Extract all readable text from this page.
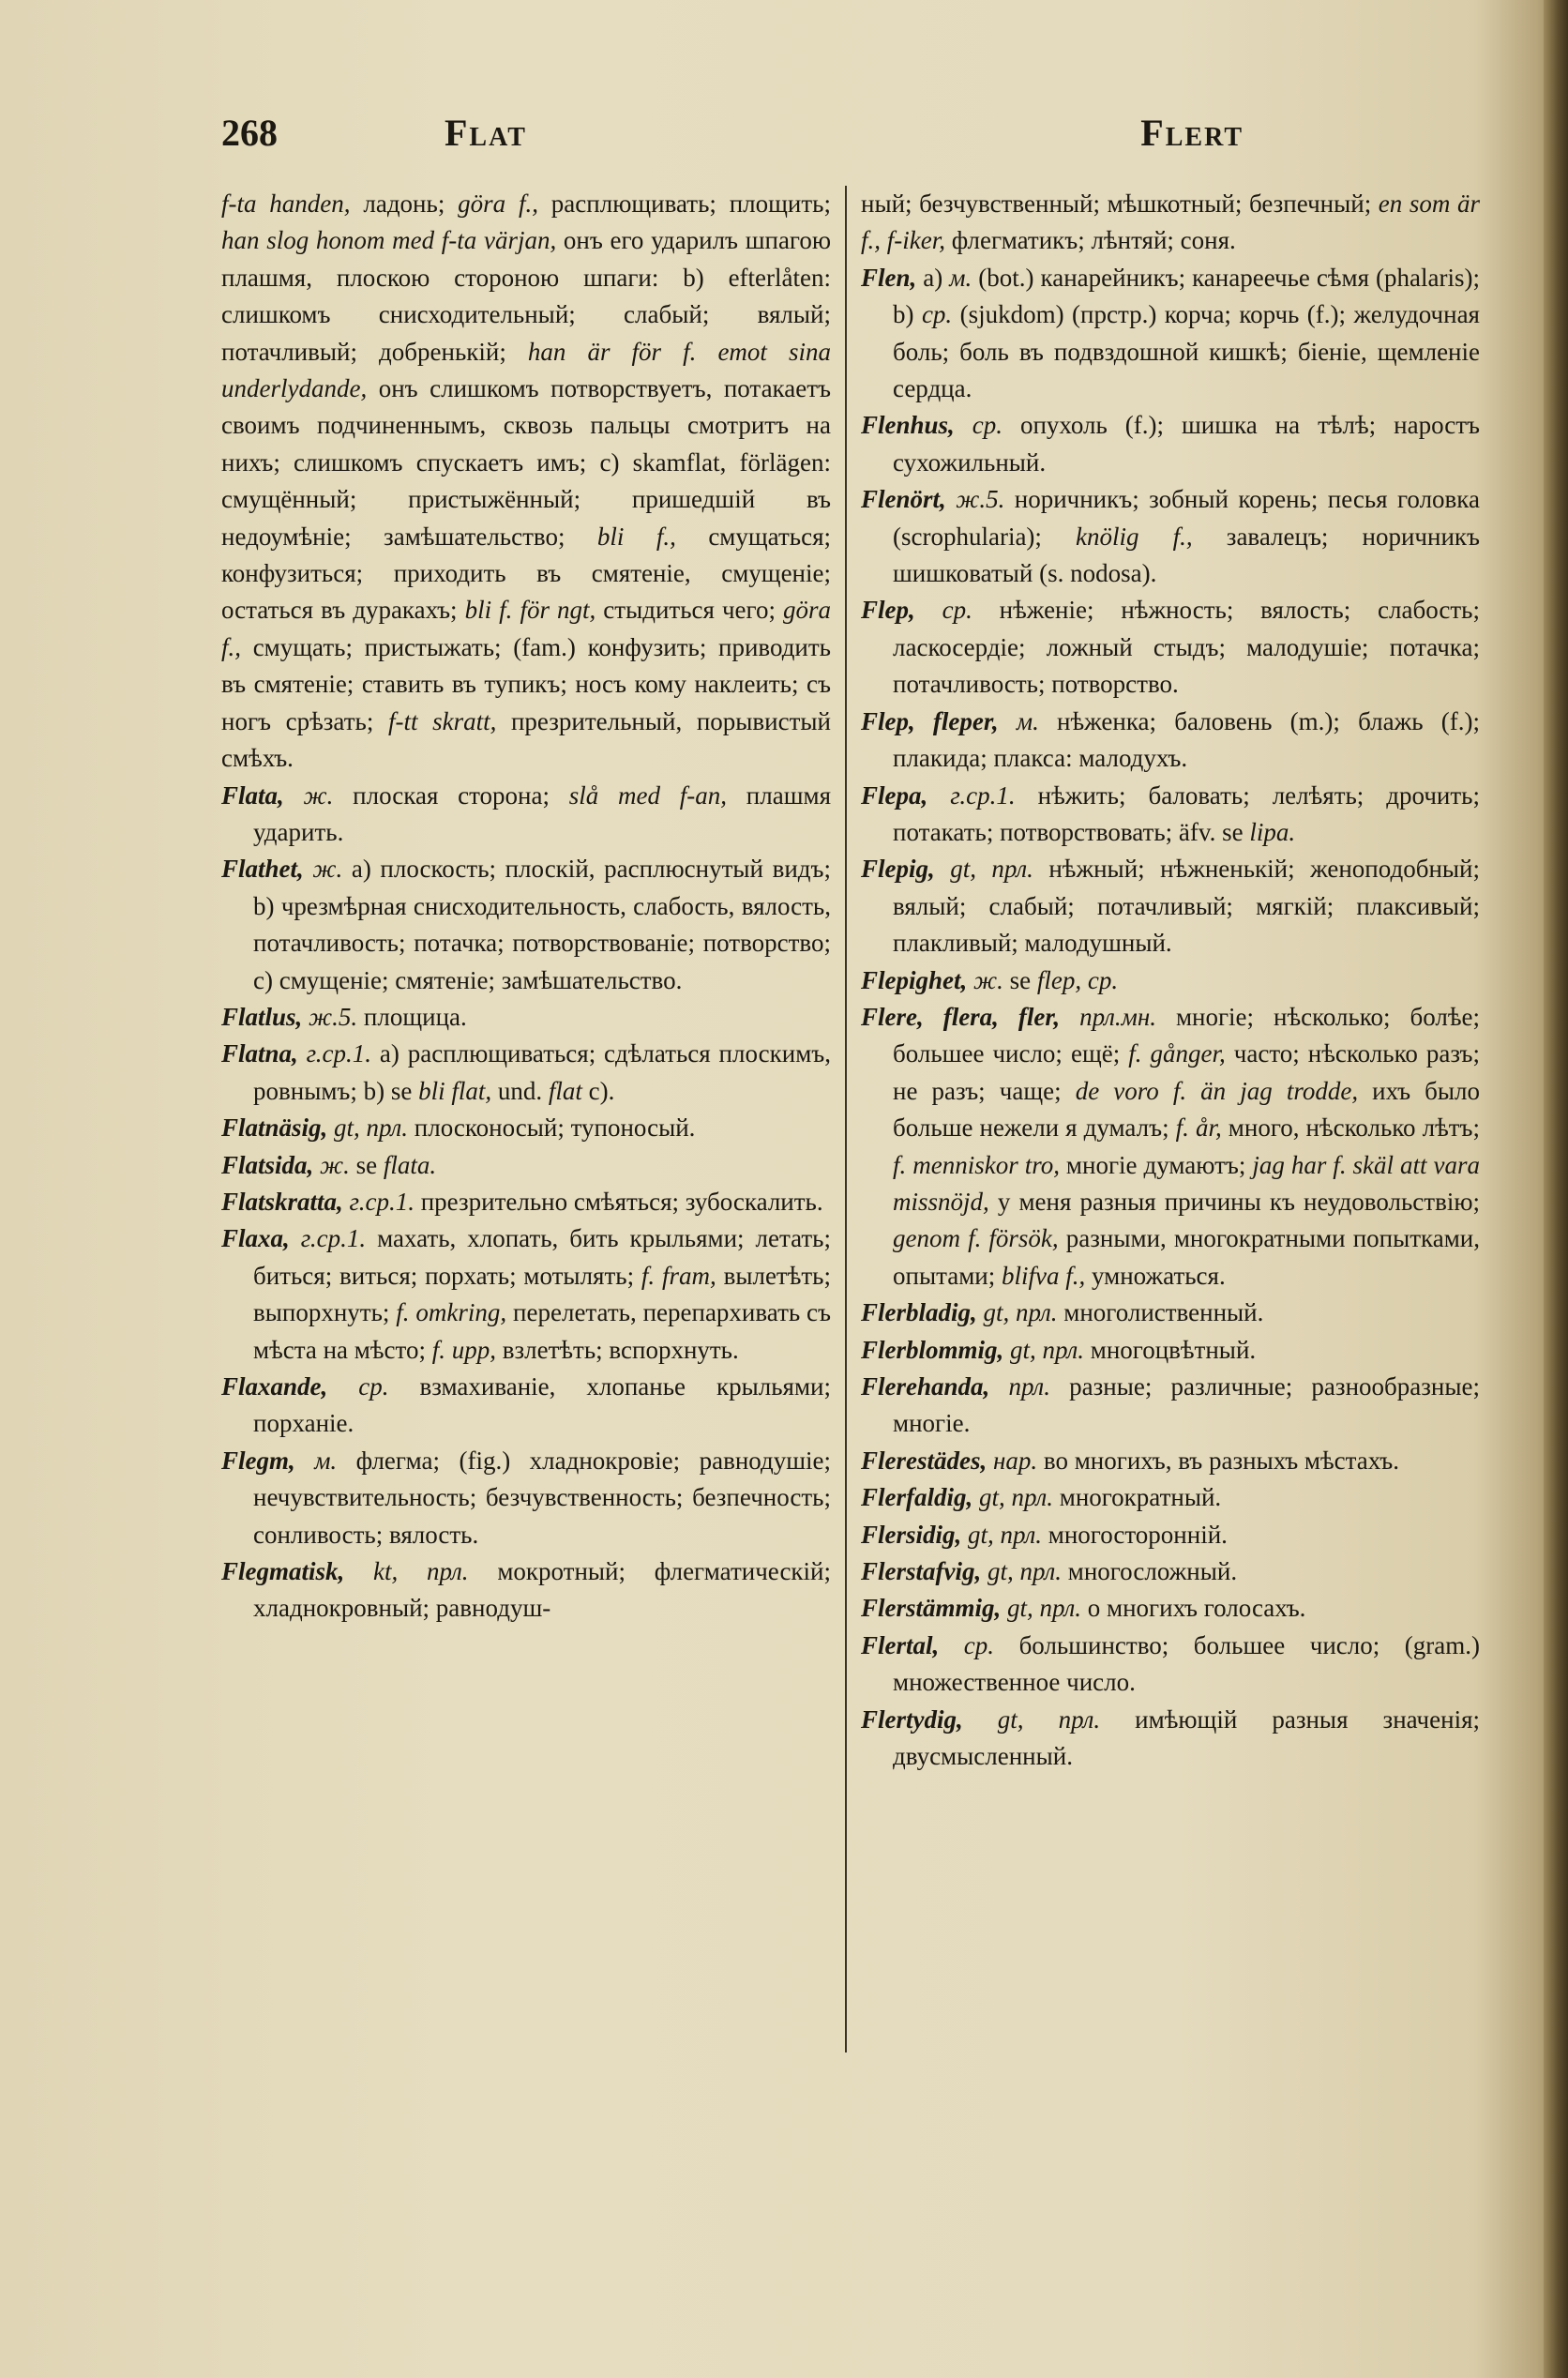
268	Flat	Flert

f-ta handen, ладонь; göra f., расплющивать; площить; han slog honom med f-ta värjan, онъ его ударилъ шпагою плашмя, плоскою стороною шпаги: b) efterlåten: слишкомъ снисходительный; слабый; вялый; потачливый; добренькій; han är för f. emot sina underlydande, онъ слишкомъ потворствуетъ, потакаетъ своимъ подчиненнымъ, сквозь пальцы смотритъ на нихъ; слишкомъ спускаетъ имъ; c) skamflat, förlägen: смущённый; пристыжённый; пришедшій въ недоумѣніе; замѣшательство; bli f., смущаться; конфузиться; приходить въ смятеніе, смущеніе; остаться въ дуракахъ; bli f. för ngt, стыдиться чего; göra f., смущать; пристыжать; (fam.) конфузить; приводить въ смятеніе; ставить въ тупикъ; носъ кому наклеить; съ ногъ срѣзать; f-tt skratt, презрительный, порывистый смѣхъ.

Flata, ж. плоская сторона; slå med f-an, плашмя ударить.

Flathet, ж. a) плоскость; плоскій, расплюснутый видъ; b) чрезмѣрная снисходительность, слабость, вялость, потачливость; потачка; потворствованіе; потворство; c) смущеніе; смятеніе; замѣшательство.

Flatlus, ж.5. площица.

Flatna, г.ср.1. a) расплющиваться; сдѣлаться плоскимъ, ровнымъ; b) se bli flat, und. flat c).

Flatnäsig, gt, прл. плосконосый; тупоносый.

Flatsida, ж. se flata.

Flatskratta, г.ср.1. презрительно смѣяться; зубоскалить.

Flaxa, г.ср.1. махать, хлопать, бить крыльями; летать; биться; виться; порхать; мотылять; f. fram, вылетѣть; выпорхнуть; f. omkring, перелетать, перепархивать съ мѣста на мѣсто; f. upp, взлетѣть; вспорхнуть.

Flaxande, ср. взмахиваніе, хлопанье крыльями; порханіе.

Flegm, м. флегма; (fig.) хладнокровіе; равнодушіе; нечувствительность; безчувственность; безпечность; сонливость; вялость.

Flegmatisk, kt, прл. мокротный; флегматическій; хладнокровный; равнодуш-

ный; безчувственный; мѣшкотный; безпечный; en som är f., f-iker, флегматикъ; лѣнтяй; соня.

Flen, a) м. (bot.) канарейникъ; канареечье сѣмя (phalaris); b) ср. (sjukdom) (прстр.) корча; корчь (f.); желудочная боль; боль въ подвздошной кишкѣ; біеніе, щемленіе сердца.

Flenhus, ср. опухоль (f.); шишка на тѣлѣ; наростъ сухожильный.

Flenört, ж.5. норичникъ; зобный корень; песья головка (scrophularia); knölig f., завалецъ; норичникъ шишковатый (s. nodosa).

Flep, ср. нѣженіе; нѣжность; вялость; слабость; ласкосердіе; ложный стыдъ; малодушіе; потачка; потачливость; потворство.

Flep, fleper, м. нѣженка; баловень (m.); блажь (f.); плакида; плакса: малодухъ.

Flepa, г.ср.1. нѣжить; баловать; лелѣять; дрочить; потакать; потворствовать; äfv. se lipa.

Flepig, gt, прл. нѣжный; нѣжненькій; женоподобный; вялый; слабый; потачливый; мягкій; плаксивый; плакливый; малодушный.

Flepighet, ж. se flep, ср.

Flere, flera, fler, прл.мн. многіе; нѣсколько; болѣе; большее число; ещё; f. gånger, часто; нѣсколько разъ; не разъ; чаще; de voro f. än jag trodde, ихъ было больше нежели я думалъ; f. år, много, нѣсколько лѣтъ; f. menniskor tro, многіе думаютъ; jag har f. skäl att vara missnöjd, у меня разныя причины къ неудовольствію; genom f. försök, разными, многократными попытками, опытами; blifva f., умножаться.

Flerbladig, gt, прл. многолиственный.

Flerblommig, gt, прл. многоцвѣтный.

Flerehanda, прл. разные; различные; разнообразные; многіе.

Flerestädes, нар. во многихъ, въ разныхъ мѣстахъ.

Flerfaldig, gt, прл. многократный.

Flersidig, gt, прл. многосторонній.

Flerstafvig, gt, прл. многосложный.

Flerstämmig, gt, прл. о многихъ голосахъ.

Flertal, ср. большинство; большее число; (gram.) множественное число.

Flertydig, gt, прл. имѣющій разныя значенія; двусмысленный.
